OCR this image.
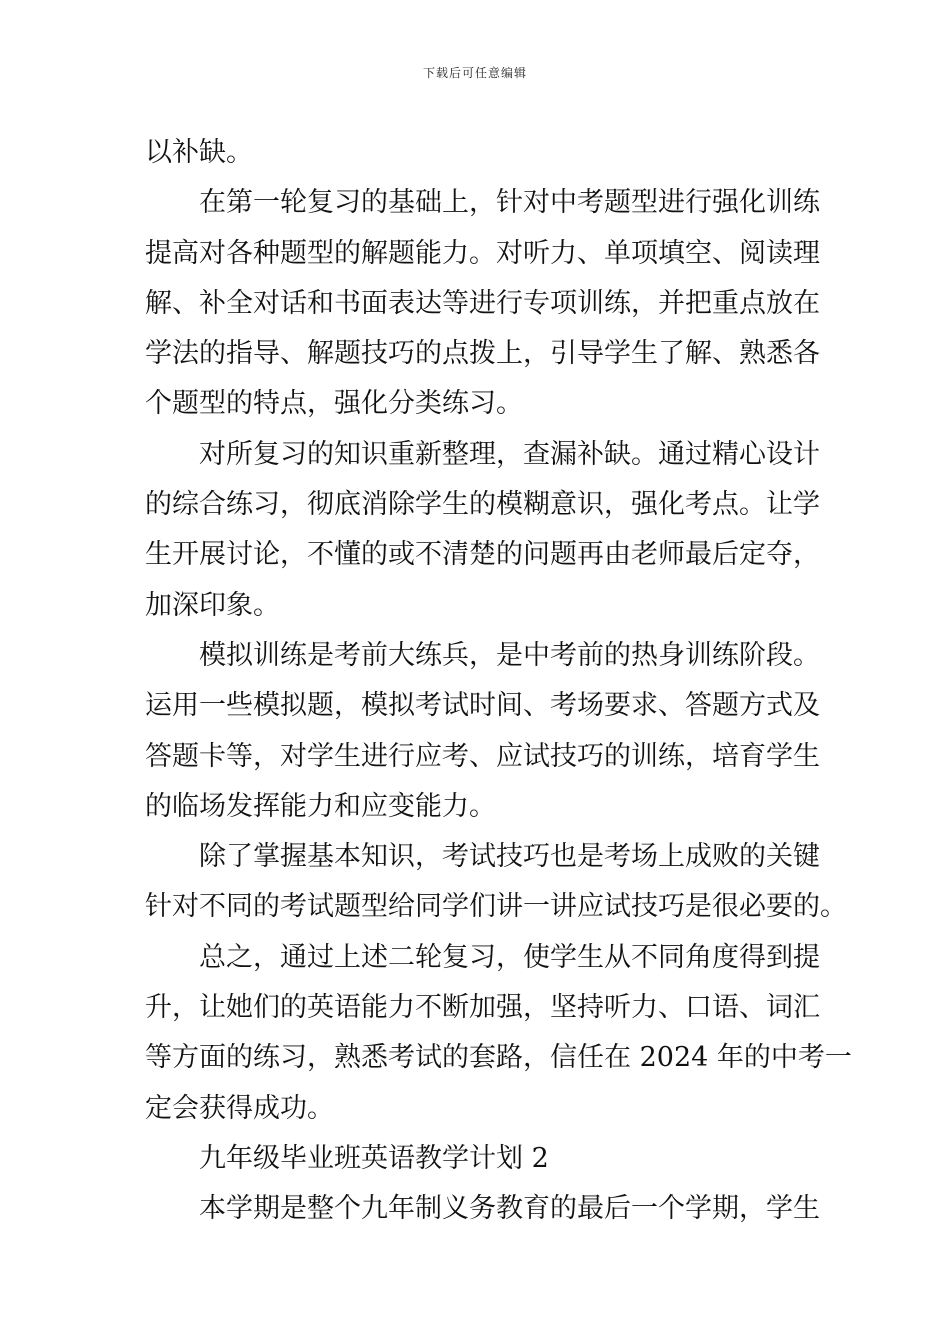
下载后可任意编辑
以补缺。
在第一轮复习的基础上，针对中考题型进行强化训练
提高对各种题型的解题能力。对听力、单项填空、阅读理
解、补全对话和书面表达等进行专项训练，并把重点放在
学法的指导、解题技巧的点拨上，引导学生了解、熟悉各
个题型的特点，强化分类练习。
对所复习的知识重新整理，查漏补缺。通过精心设计
的综合练习，彻底消除学生的模糊意识，强化考点。让学
生开展讨论，不懂的或不清楚的问题再由老师最后定夺，
加深印象。
模拟训练是考前大练兵，是中考前的热身训练阶段。
运用一些模拟题，模拟考试时间、考场要求、答题方式及
答题卡等，对学生进行应考、应试技巧的训练，培育学生
的临场发挥能力和应变能力。
除了掌握基本知识，考试技巧也是考场上成败的关键
针对不同的考试题型给同学们讲一讲应试技巧是很必要的。
总之，通过上述二轮复习，使学生从不同角度得到提
升，让她们的英语能力不断加强，坚持听力、口语、词汇
等方面的练习，熟悉考试的套路，信任在 2024 年的中考一
定会获得成功。
九年级毕业班英语教学计划 2
本学期是整个九年制义务教育的最后一个学期，学生
